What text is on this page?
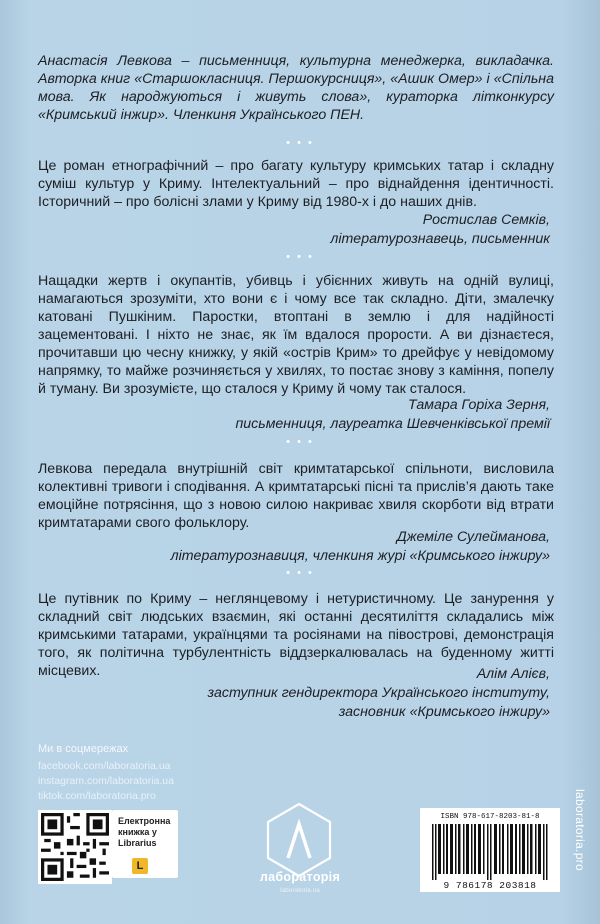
Анастасія Левкова – письменниця, культурна менеджерка, викладачка. Авторка книг «Старшокласниця. Першокурсниця», «Ашик Омер» і «Спільна мова. Як народжуються і живуть слова», кураторка літконкурсу «Кримський інжир». Членкиня Українського ПЕН.

• • •

Це роман етнографічний – про багату культуру кримських татар і складну суміш культур у Криму. Інтелектуальний – про віднайдення ідентичності. Історичний – про болісні злами у Криму від 1980-х і до наших днів.

Ростислав Семків,
літературознавець, письменник
• • •

Нащадки жертв і окупантів, убивць і убієнних живуть на одній вулиці, намагаються зрозуміти, хто вони є і чому все так складно. Діти, змалечку катовані Пушкіним. Паростки, втоптані в землю і для надійності зацементовані. І ніхто не знає, як їм вдалося прорости. А ви дізнаєтеся, прочитавши цю чесну книжку, у якій «острів Крим» то дрейфує у невідомому напрямку, то майже розчиняється у хвилях, то постає знову з каміння, попелу й туману. Ви зрозумієте, що сталося у Криму й чому так сталося.

Тамара Горіха Зерня,
письменниця, лауреатка Шевченківської премії
• • •

Левкова передала внутрішній світ кримтатарської спільноти, висловила колективні тривоги і сподівання. А кримтатарські пісні та прислів’я дають таке емоційне потрясіння, що з новою силою накриває хвиля скорботи від втрати кримтатарами свого фольклору.

Джеміле Сулейманова,
літературознавиця, членкиня журі «Кримського інжиру»
• • •

Це путівник по Криму – неглянцевому і нетуристичному. Це занурення у складний світ людських взаємин, які останні десятиліття складались між кримськими татарами, українцями та росіянами на півострові, демонстрація того, як політична турбулентність віддзеркалювалась на буденному житті місцевих.	Алім Алієв,
заступник гендиректора Українського інституту,
засновник «Кримського інжиру»
Ми в соцмережах
facebook.com/laboratoria.ua
instagram.com/laboratoria.ua
tiktok.com/laboratoria.pro
Електронна книжка у Librarius
L
лабораторія
laboratoria.ua
ISBN 978-617-8203-81-8
9 786178 203818
laboratoria.pro
